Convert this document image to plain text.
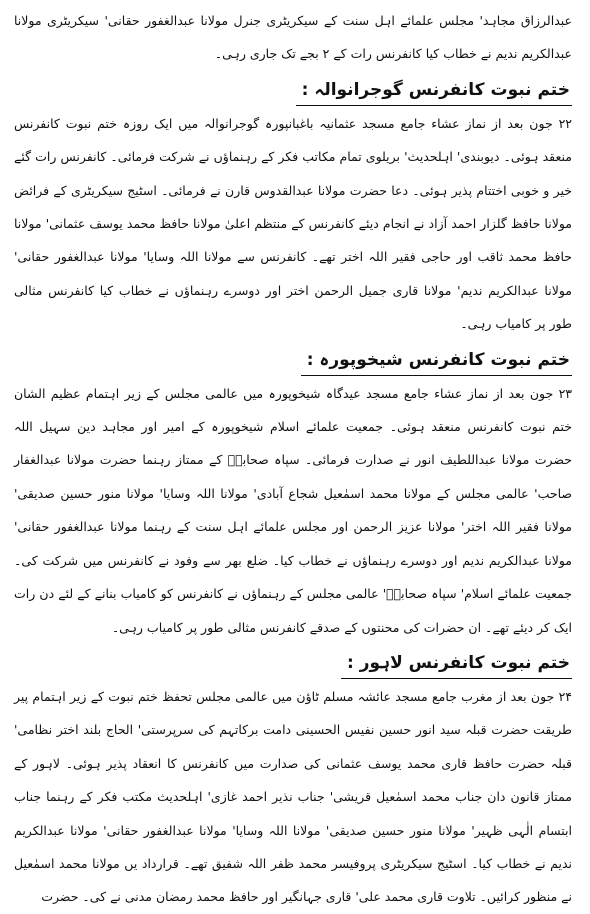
عبدالرزاق مجاہد' مجلس علمائے اہل سنت کے سیکریٹری جنرل مولانا عبدالغفور حقانی' سیکریٹری مولانا عبدالکریم ندیم نے خطاب کیا کانفرنس رات کے ۲ بجے تک جاری رہی۔

ختم نبوت کانفرنس گوجرانوالہ :

۲۲ جون بعد از نماز عشاء جامع مسجد عثمانیہ باغبانپورہ گوجرانوالہ میں ایک روزہ ختم نبوت کانفرنس منعقد ہوئی۔ دیوبندی' اہلحدیث' بریلوی تمام مکاتب فکر کے رہنماؤں نے شرکت فرمائی۔ کانفرنس رات گئے خیر و خوبی اختتام پذیر ہوئی۔ دعا حضرت مولانا عبدالقدوس قارن نے فرمائی۔ اسٹیج سیکریٹری کے فرائض مولانا حافظ گلزار احمد آزاد نے انجام دیئے کانفرنس کے منتظم اعلیٰ مولانا حافظ محمد یوسف عثمانی' مولانا حافظ محمد ثاقب اور حاجی فقیر اللہ اختر تھے۔ کانفرنس سے مولانا اللہ وسایا' مولانا عبدالغفور حقانی' مولانا عبدالکریم ندیم' مولانا قاری جمیل الرحمن اختر اور دوسرے رہنماؤں نے خطاب کیا کانفرنس مثالی طور پر کامیاب رہی۔

ختم نبوت کانفرنس شیخوپورہ :

۲۳ جون بعد از نماز عشاء جامع مسجد عیدگاہ شیخوپورہ میں عالمی مجلس کے زیر اہتمام عظیم الشان ختم نبوت کانفرنس منعقد ہوئی۔ جمعیت علمائے اسلام شیخوپورہ کے امیر اور مجاہد دین سہیل اللہ حضرت مولانا عبداللطیف انور نے صدارت فرمائی۔ سپاہ صحابہؓ کے ممتاز رہنما حضرت مولانا عبدالغفار صاحب' عالمی مجلس کے مولانا محمد اسمٰعیل شجاع آبادی' مولانا اللہ وسایا' مولانا منور حسین صدیقی' مولانا فقیر اللہ اختر' مولانا عزیز الرحمن اور مجلس علمائے اہل سنت کے رہنما مولانا عبدالغفور حقانی' مولانا عبدالکریم ندیم اور دوسرے رہنماؤں نے خطاب کیا۔ ضلع بھر سے وفود نے کانفرنس میں شرکت کی۔ جمعیت علمائے اسلام' سپاہ صحابہؓ' عالمی مجلس کے رہنماؤں نے کانفرنس کو کامیاب بنانے کے لئے دن رات ایک کر دیئے تھے۔ ان حضرات کی محنتوں کے صدقے کانفرنس مثالی طور پر کامیاب رہی۔

ختم نبوت کانفرنس لاہور :

۲۴ جون بعد از مغرب جامع مسجد عائشہ مسلم ٹاؤن میں عالمی مجلس تحفظ ختم نبوت کے زیر اہتمام پیر طریقت حضرت قبلہ سید انور حسین نفیس الحسینی دامت برکاتہم کی سرپرستی' الحاج بلند اختر نظامی' قبلہ حضرت حافظ قاری محمد یوسف عثمانی کی صدارت میں کانفرنس کا انعقاد پذیر ہوئی۔ لاہور کے ممتاز قانون دان جناب محمد اسمٰعیل قریشی' جناب نذیر احمد غازی' اہلحدیث مکتب فکر کے رہنما جناب ابتسام الٰہی ظہیر' مولانا منور حسین صدیقی' مولانا اللہ وسایا' مولانا عبدالغفور حقانی' مولانا عبدالکریم ندیم نے خطاب کیا۔ اسٹیج سیکریٹری پروفیسر محمد ظفر اللہ شفیق تھے۔ قرارداد یں مولانا محمد اسمٰعیل نے منظور کرائیں۔ تلاوت قاری محمد علی' قاری جہانگیر اور حافظ محمد رمضان مدنی نے کی۔ حضرت
